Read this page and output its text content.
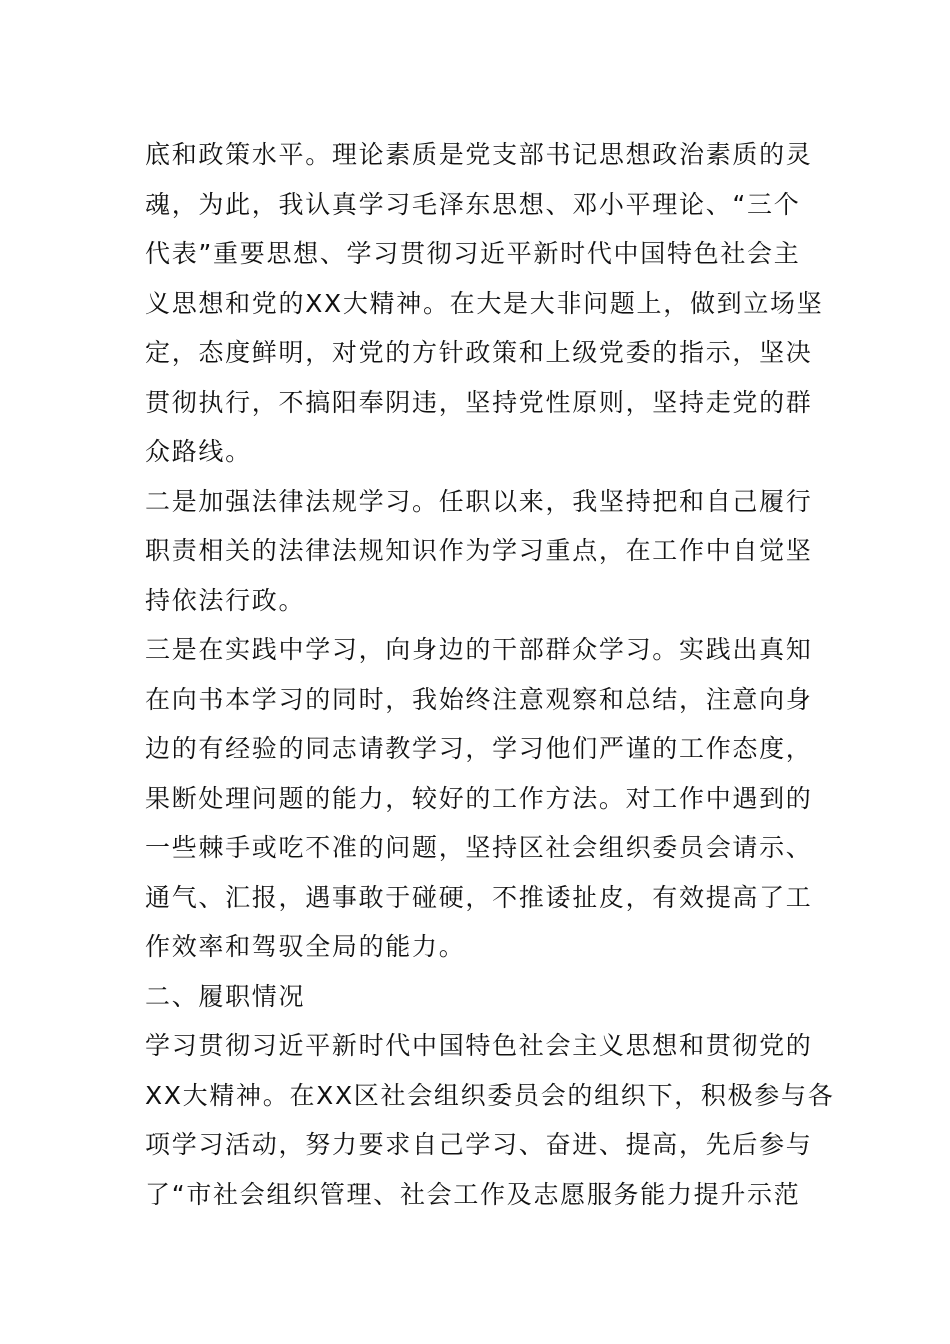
底和政策水平。理论素质是党支部书记思想政治素质的灵
魂，为此，我认真学习毛泽东思想、邓小平理论、“三个
代表”重要思想、学习贯彻习近平新时代中国特色社会主
义思想和党的XX大精神。在大是大非问题上，做到立场坚
定，态度鲜明，对党的方针政策和上级党委的指示，坚决
贯彻执行，不搞阳奉阴违，坚持党性原则，坚持走党的群
众路线。
二是加强法律法规学习。任职以来，我坚持把和自己履行
职责相关的法律法规知识作为学习重点，在工作中自觉坚
持依法行政。
三是在实践中学习，向身边的干部群众学习。实践出真知
在向书本学习的同时，我始终注意观察和总结，注意向身
边的有经验的同志请教学习，学习他们严谨的工作态度，
果断处理问题的能力，较好的工作方法。对工作中遇到的
一些棘手或吃不准的问题，坚持区社会组织委员会请示、
通气、汇报，遇事敢于碰硬，不推诿扯皮，有效提高了工
作效率和驾驭全局的能力。
二、履职情况
学习贯彻习近平新时代中国特色社会主义思想和贯彻党的
XX大精神。在XX区社会组织委员会的组织下，积极参与各
项学习活动，努力要求自己学习、奋进、提高，先后参与
了“市社会组织管理、社会工作及志愿服务能力提升示范
